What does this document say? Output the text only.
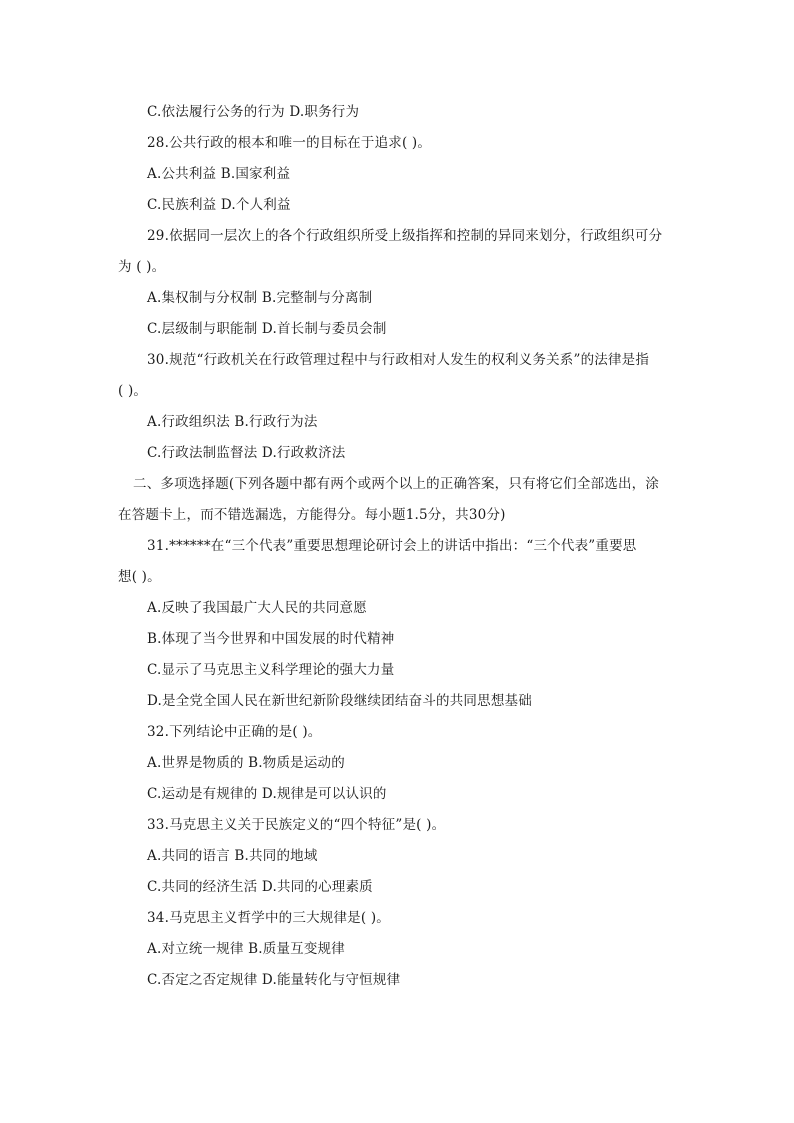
C.依法履行公务的行为 D.职务行为
28.公共行政的根本和唯一的目标在于追求( )。
A.公共利益 B.国家利益
C.民族利益 D.个人利益
29.依据同一层次上的各个行政组织所受上级指挥和控制的异同来划分，行政组织可分
为 ( )。
A.集权制与分权制 B.完整制与分离制
C.层级制与职能制 D.首长制与委员会制
30.规范“行政机关在行政管理过程中与行政相对人发生的权利义务关系”的法律是指
( )。
A.行政组织法 B.行政行为法
C.行政法制监督法 D.行政救济法
二、多项选择题(下列各题中都有两个或两个以上的正确答案，只有将它们全部选出，涂
在答题卡上，而不错选漏选，方能得分。每小题1.5分，共30分)
31.******在“三个代表”重要思想理论研讨会上的讲话中指出：“三个代表”重要思
想( )。
A.反映了我国最广大人民的共同意愿
B.体现了当今世界和中国发展的时代精神
C.显示了马克思主义科学理论的强大力量
D.是全党全国人民在新世纪新阶段继续团结奋斗的共同思想基础
32.下列结论中正确的是( )。
A.世界是物质的 B.物质是运动的
C.运动是有规律的 D.规律是可以认识的
33.马克思主义关于民族定义的“四个特征”是( )。
A.共同的语言 B.共同的地域
C.共同的经济生活 D.共同的心理素质
34.马克思主义哲学中的三大规律是( )。
A.对立统一规律 B.质量互变规律
C.否定之否定规律 D.能量转化与守恒规律
